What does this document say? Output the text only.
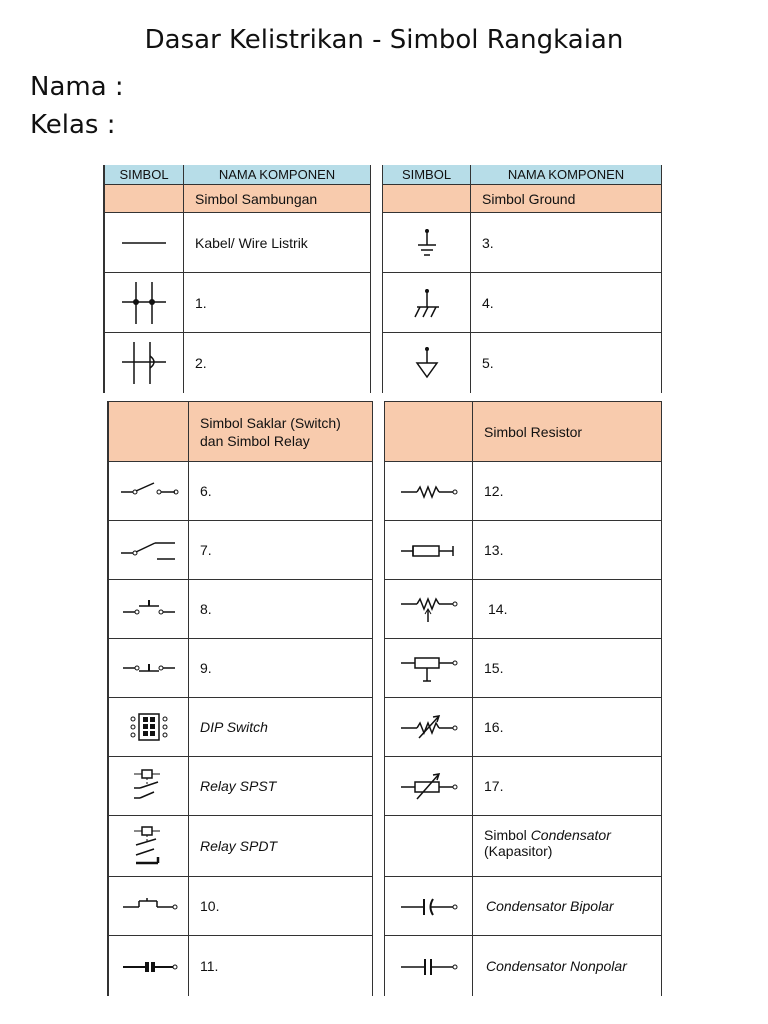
Dasar Kelistrikan - Simbol Rangkaian
Nama :
Kelas :
SIMBOL	NAMA KOMPONEN
Simbol Sambungan
Kabel/ Wire Listrik
1.
2.
SIMBOL	NAMA KOMPONEN
Simbol Ground
3.
4.
5.
Simbol Saklar (Switch) dan Simbol Relay
6.
7.
8.
9.
DIP Switch
Relay SPST
Relay SPDT
10.
11.
Simbol Resistor
12.
13.
14.
15.
16.
17.
Simbol Condensator
(Kapasitor)
Condensator Bipolar
Condensator Nonpolar
